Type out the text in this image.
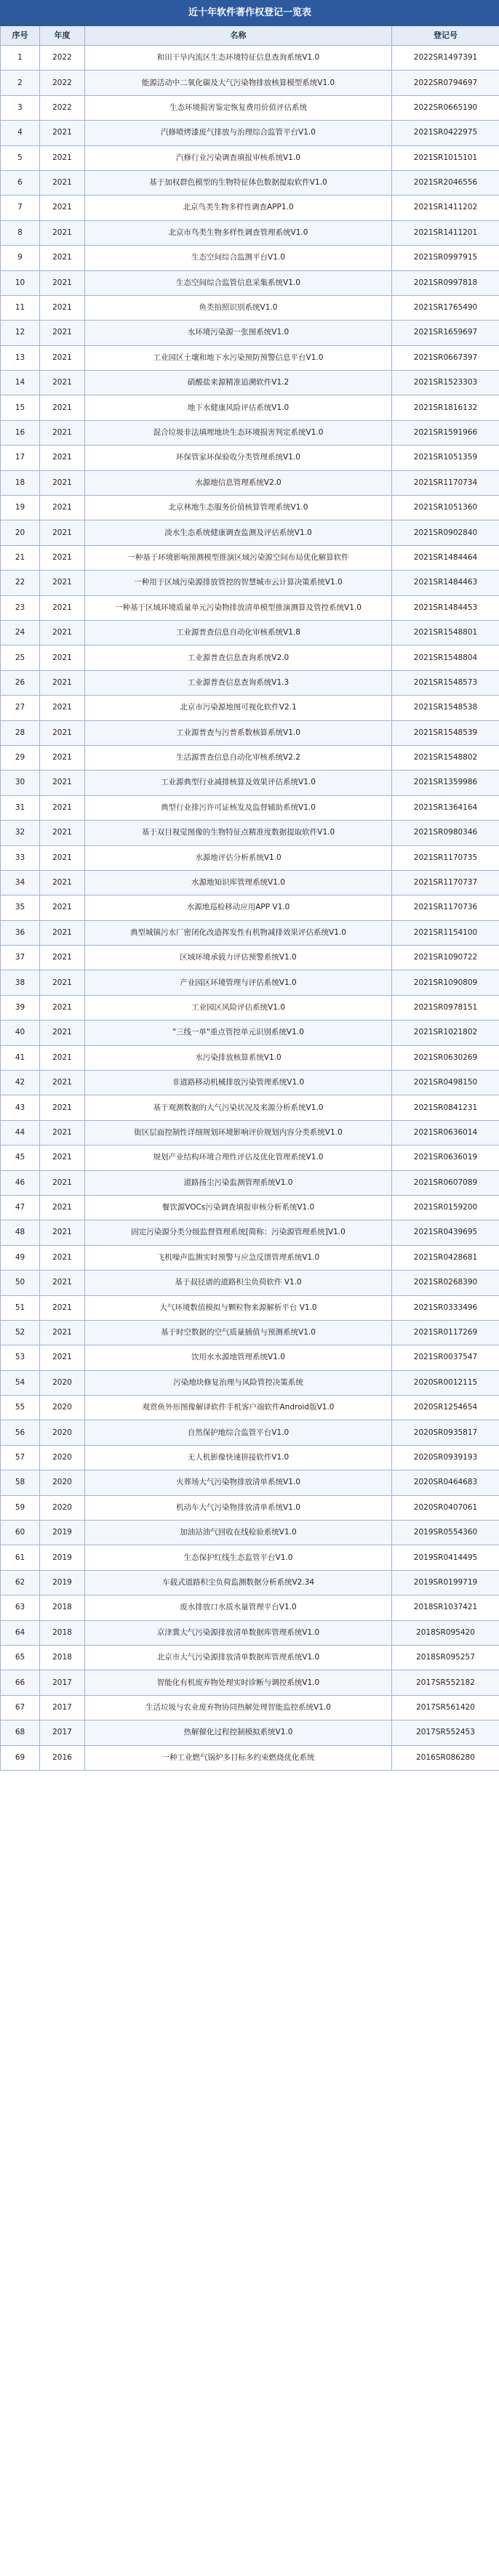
近十年软件著作权登记一览表			
序号	年度	名称	登记号
1	2022	和田干旱内流区生态环境特征信息查询系统V1.0	2022SR1497391
2	2022	能源活动中二氧化碳及大气污染物排放核算模型系统V1.0	2022SR0794697
3	2022	生态环境损害鉴定恢复费用价值评估系统	2022SR0665190
4	2021	汽修喷烤漆废气排放与治理综合监管平台V1.0	2021SR0422975
5	2021	汽修行业污染调查填报审核系统V1.0	2021SR1015101
6	2021	基于加权群色模型的生物特征体色数据提取软件V1.0	2021SR2046556
7	2021	北京鸟类生物多样性调查APP1.0	2021SR1411202
8	2021	北京市鸟类生物多样性调查管理系统V1.0	2021SR1411201
9	2021	生态空间综合监测平台V1.0	2021SR0997915
10	2021	生态空间综合监管信息采集系统V1.0	2021SR0997818
11	2021	鱼类拍照识别系统V1.0	2021SR1765490
12	2021	水环境污染源一张图系统V1.0	2021SR1659697
13	2021	工业园区土壤和地下水污染预防预警信息平台V1.0	2021SR0667397
14	2021	硝酸盐来源精准追溯软件V1.2	2021SR1523303
15	2021	地下水健康风险评估系统V1.0	2021SR1816132
16	2021	混合垃圾非法填埋地块生态环境损害判定系统V1.0	2021SR1591966
17	2021	环保管家环保验收分类管理系统V1.0	2021SR1051359
18	2021	水源地信息管理系统V2.0	2021SR1170734
19	2021	北京林地生态服务价值核算管理系统V1.0	2021SR1051360
20	2021	淡水生态系统健康调查监测及评估系统V1.0	2021SR0902840
21	2021	一种基于环境影响预测模型推演区域污染源空间布局优化解算软件	2021SR1484464
22	2021	一种用于区域污染源排放管控的智慧城市云计算决策系统V1.0	2021SR1484463
23	2021	一种基于区域环境质量单元污染物排放清单模型推演测算及管控系统V1.0	2021SR1484453
24	2021	工业源普查信息自动化审核系统V1.8	2021SR1548801
25	2021	工业源普查信息查询系统V2.0	2021SR1548804
26	2021	工业源普查信息查询系统V1.3	2021SR1548573
27	2021	北京市污染源地图可视化软件V2.1	2021SR1548538
28	2021	工业源普查与污普系数核算系统V1.0	2021SR1548539
29	2021	生活源普查信息自动化审核系统V2.2	2021SR1548802
30	2021	工业源典型行业减排核算及效果评估系统V1.0	2021SR1359986
31	2021	典型行业排污许可证核发及监督辅助系统V1.0	2021SR1364164
32	2021	基于双目视觉图像的生物特征点精准度数据提取软件V1.0	2021SR0980346
33	2021	水源地评估分析系统V1.0	2021SR1170735
34	2021	水源地知识库管理系统V1.0	2021SR1170737
35	2021	水源地巡检移动应用APP V1.0	2021SR1170736
36	2021	典型城镇污水厂密闭化改造挥发性有机物减排效果评估系统V1.0	2021SR1154100
37	2021	区域环境承载力评估预警系统V1.0	2021SR1090722
38	2021	产业园区环境管理与评估系统V1.0	2021SR1090809
39	2021	工业园区风险评估系统V1.0	2021SR0978151
40	2021	"三线一单"重点管控单元识别系统V1.0	2021SR1021802
41	2021	水污染排放核算系统V1.0	2021SR0630269
42	2021	非道路移动机械排放污染管理系统V1.0	2021SR0498150
43	2021	基于观测数据的大气污染状况及来源分析系统V1.0	2021SR0841231
44	2021	街区层面控制性详细规划环境影响评价规划内容分类系统V1.0	2021SR0636014
45	2021	规划产业结构环境合理性评估及优化管理系统V1.0	2021SR0636019
46	2021	道路扬尘污染监测管理系统V1.0	2021SR0607089
47	2021	餐饮源VOCs污染调查填报审核分析系统V1.0	2021SR0159200
48	2021	固定污染源分类分级监督管理系统[简称：污染源管理系统]V1.0	2021SR0439695
49	2021	飞机噪声监测实时预警与应急反馈管理系统V1.0	2021SR0428681
50	2021	基于叔径谱的道路积尘负荷软件 V1.0	2021SR0268390
51	2021	大气环境数值模拟与颗粒物来源解析平台 V1.0	2021SR0333496
52	2021	基于时空数据的空气质量插值与预测系统V1.0	2021SR0117269
53	2021	饮用水水源地管理系统V1.0	2021SR0037547
54	2020	污染地块修复治理与风险管控决策系统	2020SR0012115
55	2020	观赏鱼外形图像解译软件手机客户端软件Android版V1.0	2020SR1254654
56	2020	自然保护地综合监管平台V1.0	2020SR0935817
57	2020	无人机影像快速拼接软件V1.0	2020SR0939193
58	2020	火葬场大气污染物排放清单系统V1.0	2020SR0464683
59	2020	机动车大气污染物排放清单系统V1.0	2020SR0407061
60	2019	加油站油气回收在线检验系统V1.0	2019SR0554360
61	2019	生态保护红线生态监管平台V1.0	2019SR0414495
62	2019	车载式道路积尘负荷监测数据分析系统V2.34	2019SR0199719
63	2018	废水排放口水质水量管理平台V1.0	2018SR1037421
64	2018	京津冀大气污染源排放清单数据库管理系统V1.0	2018SR095420
65	2018	北京市大气污染源排放清单数据库管理系统V1.0	2018SR095257
66	2017	智能化有机废弃物处理实时诊断与调控系统V1.0	2017SR552182
67	2017	生活垃圾与农业废弃物协同热解处理智能监控系统V1.0	2017SR561420
68	2017	热解催化过程控制模拟系统V1.0	2017SR552453
69	2016	一种工业燃气锅炉多目标多约束燃烧优化系统	2016SR086280
